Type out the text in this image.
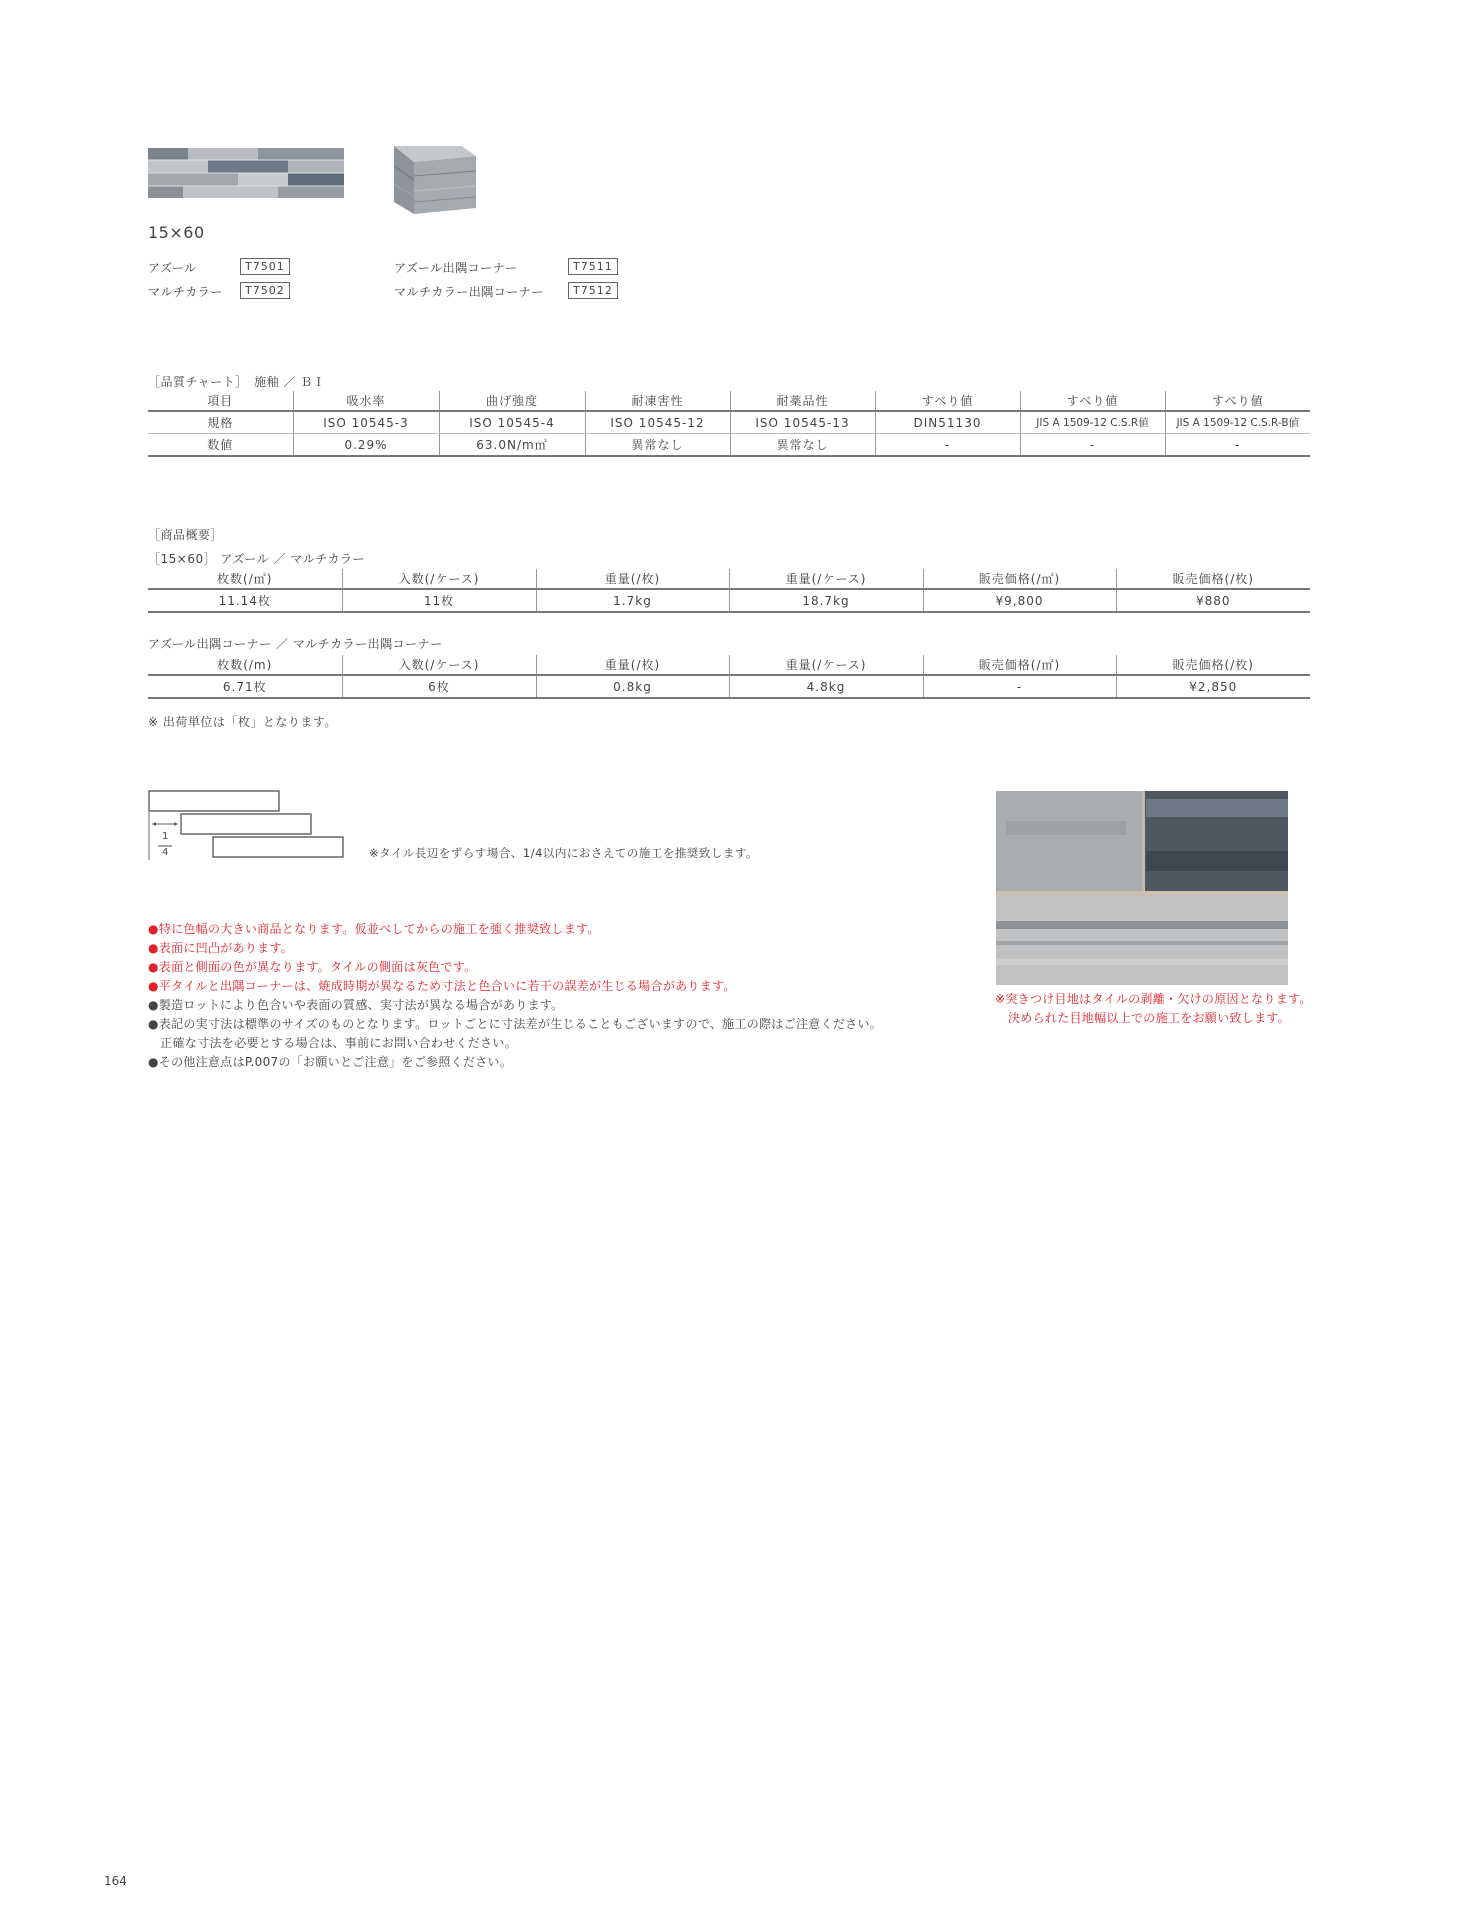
15×60
アズール	T7501
マルチカラー	T7502
アズール出隅コーナー	T7511
マルチカラー出隅コーナー	T7512
［品質チャート］　施釉 ／ ＢＩ
項目	吸水率	曲げ強度	耐凍害性	耐薬品性	すべり値	すべり値	すべり値
規格	ISO 10545-3	ISO 10545-4	ISO 10545-12	ISO 10545-13	DIN51130	JIS A 1509-12 C.S.R値	JIS A 1509-12 C.S.R-B値
数値	0.29%	63.0N/m㎡	異常なし	異常なし	-	-	-
［商品概要］
［15×60］ アズール ／ マルチカラー
枚数(/㎡)	入数(/ケース)	重量(/枚)	重量(/ケース)	販売価格(/㎡)	販売価格(/枚)
11.14枚	11枚	1.7kg	18.7kg	¥9,800	¥880
アズール出隅コーナー ／ マルチカラー出隅コーナー
枚数(/m)	入数(/ケース)	重量(/枚)	重量(/ケース)	販売価格(/㎡)	販売価格(/枚)
6.71枚	6枚	0.8kg	4.8kg	-	¥2,850
※ 出荷単位は「枚」となります。
1
4	※タイル長辺をずらす場合、1/4以内におさえての施工を推奨致します。
●特に色幅の大きい商品となります。仮並べしてからの施工を強く推奨致します。
●表面に凹凸があります。
●表面と側面の色が異なります。タイルの側面は灰色です。
●平タイルと出隅コーナーは、焼成時期が異なるため寸法と色合いに若干の誤差が生じる場合があります。
●製造ロットにより色合いや表面の質感、実寸法が異なる場合があります。
●表記の実寸法は標準のサイズのものとなります。ロットごとに寸法差が生じることもございますので、施工の際はご注意ください。
　正確な寸法を必要とする場合は、事前にお問い合わせください。
●その他注意点はP.007の「お願いとご注意」をご参照ください。
※突きつけ目地はタイルの剥離・欠けの原因となります。
決められた目地幅以上での施工をお願い致します。
164
